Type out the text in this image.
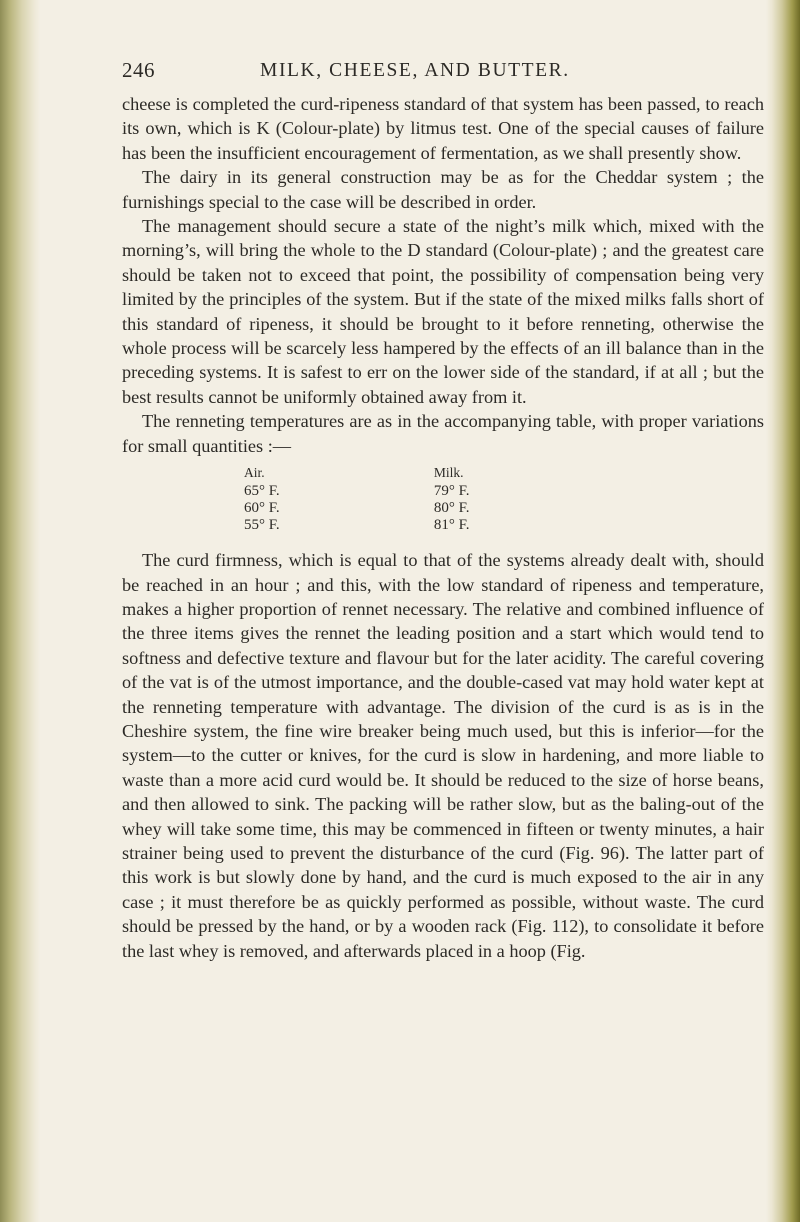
246	MILK, CHEESE, AND BUTTER.

cheese is completed the curd-ripeness standard of that system has been passed, to reach its own, which is K (Colour-plate) by litmus test. One of the special causes of failure has been the insufficient encouragement of fermentation, as we shall presently show.

The dairy in its general construction may be as for the Cheddar system ; the furnishings special to the case will be described in order.

The management should secure a state of the night’s milk which, mixed with the morning’s, will bring the whole to the D standard (Colour-plate) ; and the greatest care should be taken not to exceed that point, the possibility of compensation being very limited by the principles of the system. But if the state of the mixed milks falls short of this standard of ripeness, it should be brought to it before renneting, otherwise the whole process will be scarcely less hampered by the effects of an ill balance than in the preceding systems. It is safest to err on the lower side of the standard, if at all ; but the best results cannot be uniformly obtained away from it.

The renneting temperatures are as in the accompanying table, with proper variations for small quantities :—

Air.	Milk.
65° F.	79° F.
60° F.	80° F.
55° F.	81° F.

The curd firmness, which is equal to that of the systems already dealt with, should be reached in an hour ; and this, with the low standard of ripeness and temperature, makes a higher proportion of rennet necessary. The relative and combined influence of the three items gives the rennet the leading position and a start which would tend to softness and defective texture and flavour but for the later acidity. The careful covering of the vat is of the utmost importance, and the double-cased vat may hold water kept at the renneting temperature with advantage. The division of the curd is as is in the Cheshire system, the fine wire breaker being much used, but this is inferior—for the system—to the cutter or knives, for the curd is slow in hardening, and more liable to waste than a more acid curd would be. It should be reduced to the size of horse beans, and then allowed to sink. The packing will be rather slow, but as the baling-out of the whey will take some time, this may be commenced in fifteen or twenty minutes, a hair strainer being used to prevent the disturbance of the curd (Fig. 96). The latter part of this work is but slowly done by hand, and the curd is much exposed to the air in any case ; it must therefore be as quickly performed as possible, without waste. The curd should be pressed by the hand, or by a wooden rack (Fig. 112), to consolidate it before the last whey is removed, and afterwards placed in a hoop (Fig.
